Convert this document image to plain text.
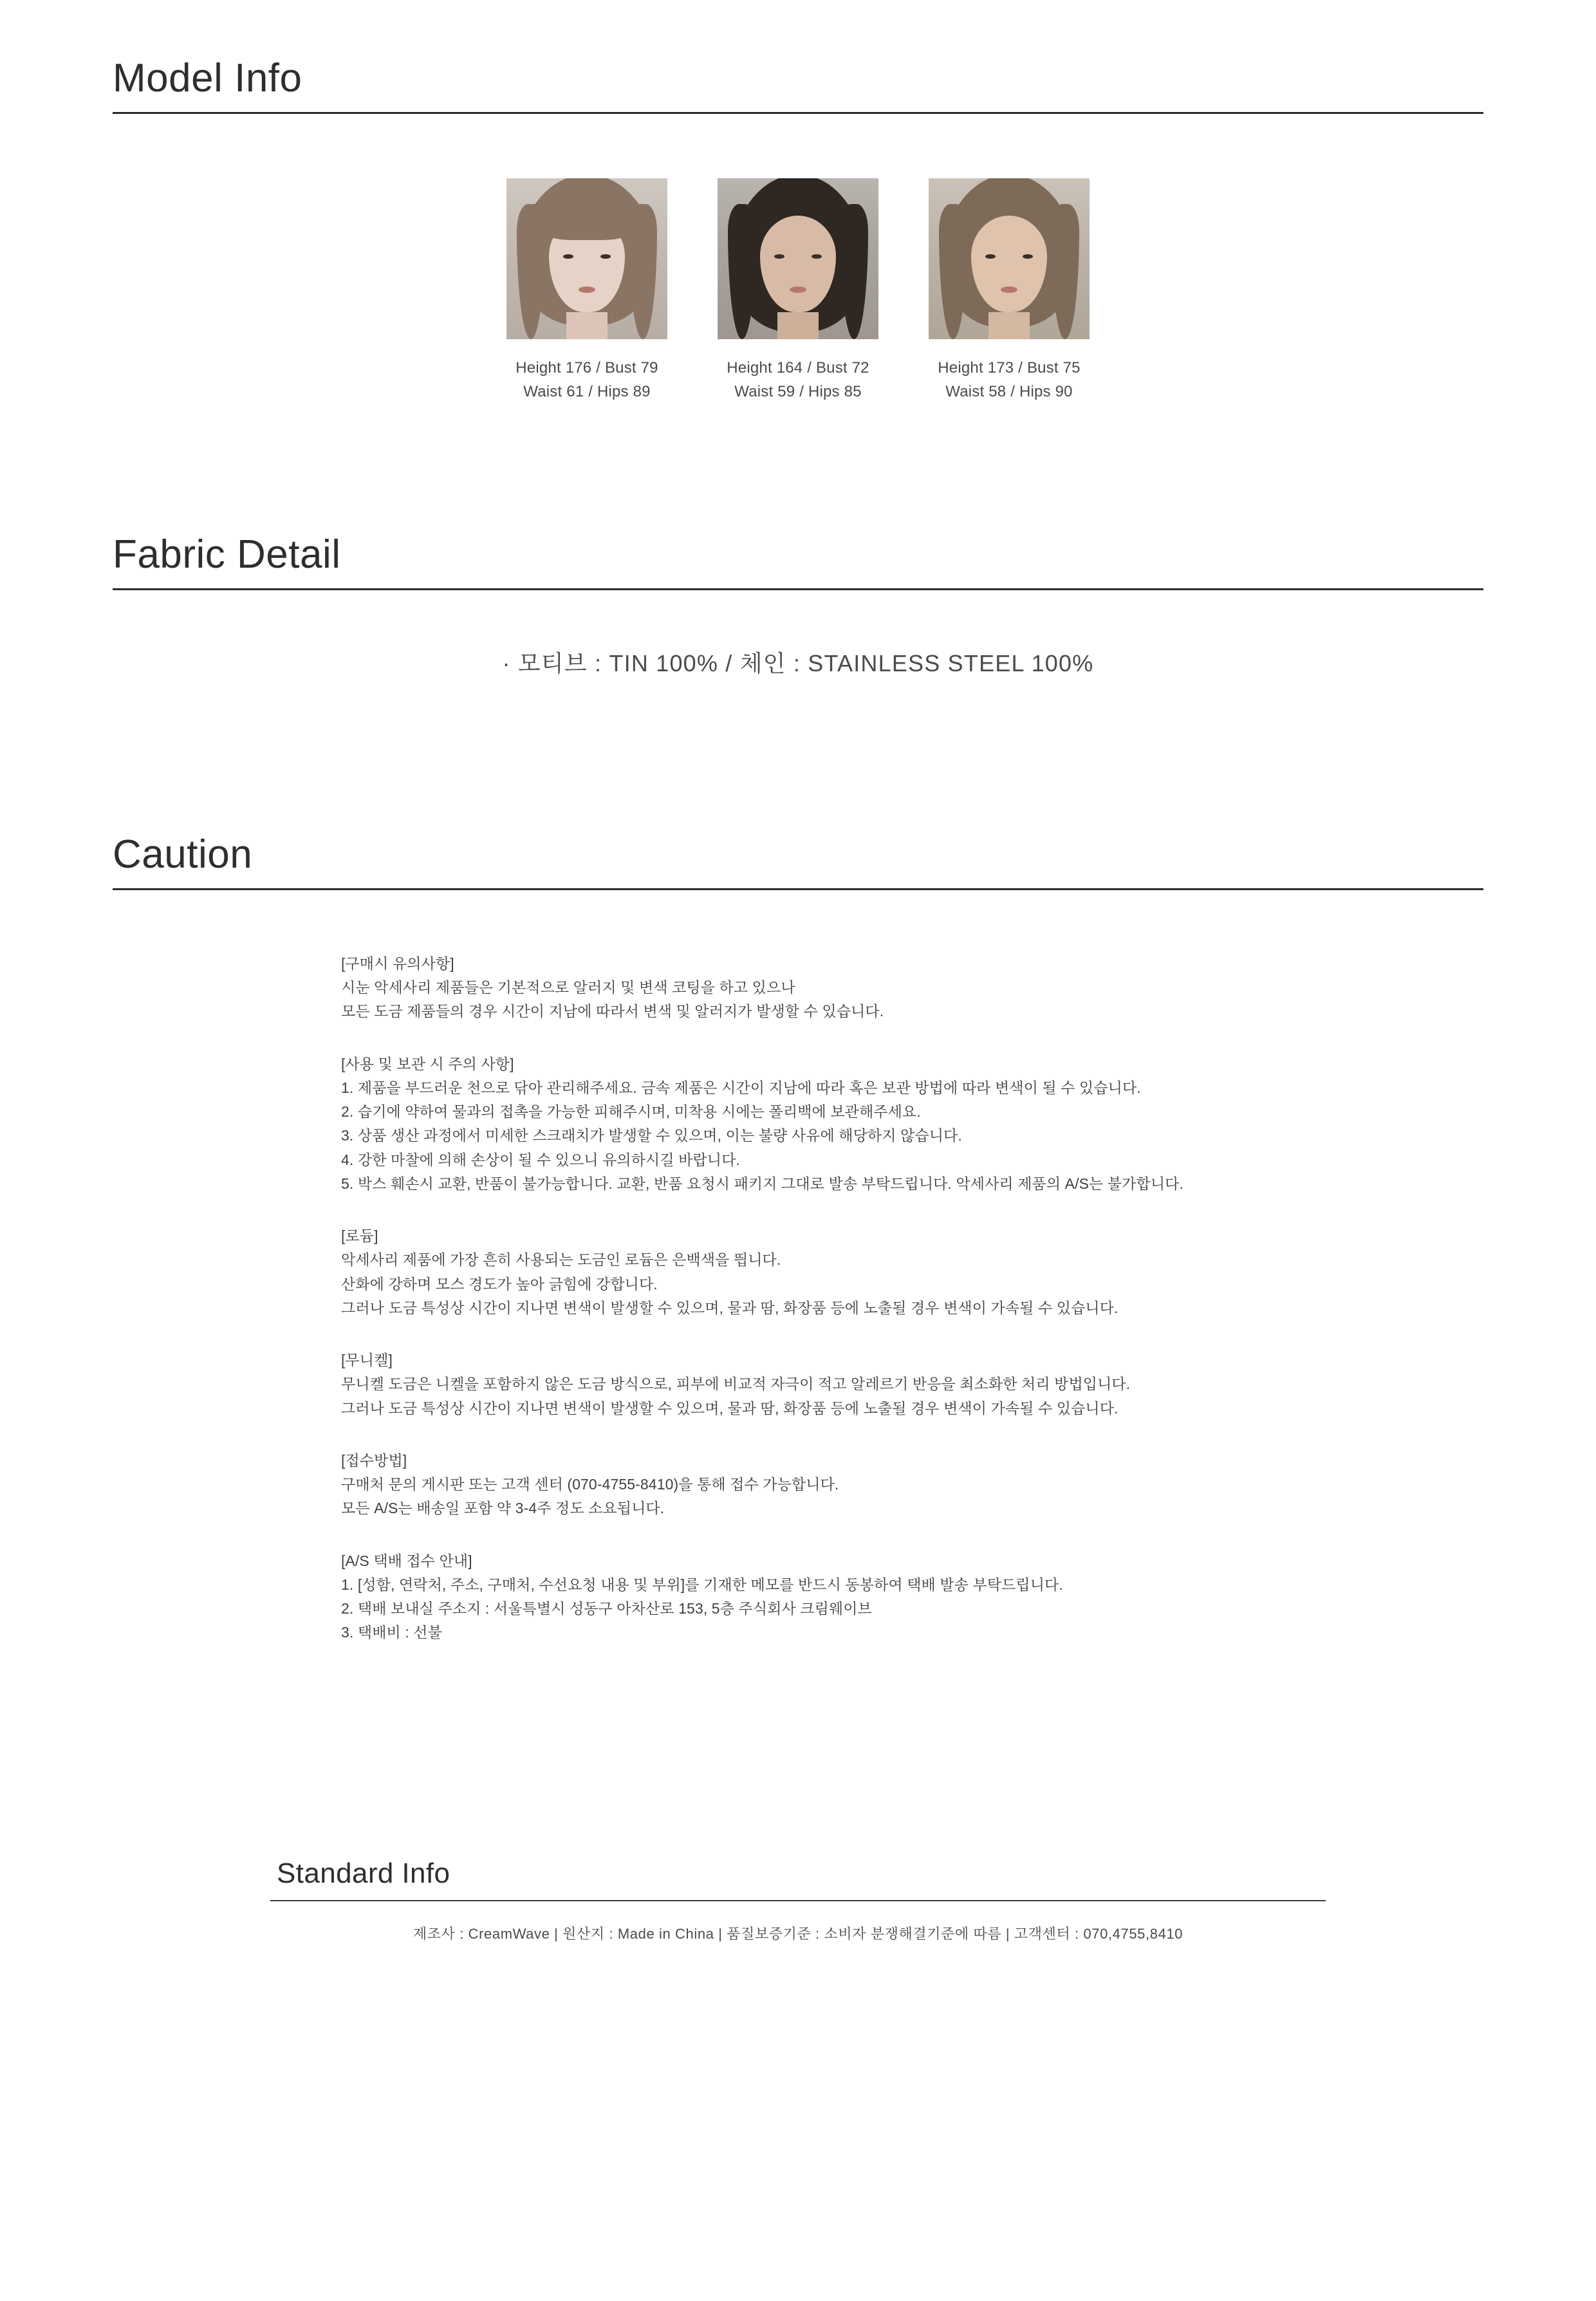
Model Info
Height 176 / Bust 79
Waist 61 / Hips 89
Height 164 / Bust 72
Waist 59 / Hips 85
Height 173 / Bust 75
Waist 58 / Hips 90
Fabric Detail
· 모티브 : TIN 100% / 체인 : STAINLESS STEEL 100%
Caution
[구매시 유의사항]
시눈 악세사리 제품들은 기본적으로 알러지 및 변색 코팅을 하고 있으나
모든 도금 제품들의 경우 시간이 지남에 따라서 변색 및 알러지가 발생할 수 있습니다.
[사용 및 보관 시 주의 사항]
1. 제품을 부드러운 천으로 닦아 관리해주세요. 금속 제품은 시간이 지남에 따라 혹은 보관 방법에 따라 변색이 될 수 있습니다.
2. 습기에 약하여 물과의 접촉을 가능한 피해주시며, 미착용 시에는 폴리백에 보관해주세요.
3. 상품 생산 과정에서 미세한 스크래치가 발생할 수 있으며, 이는 불량 사유에 해당하지 않습니다.
4. 강한 마찰에 의해 손상이 될 수 있으니 유의하시길 바랍니다.
5. 박스 훼손시 교환, 반품이 불가능합니다. 교환, 반품 요청시 패키지 그대로 발송 부탁드립니다. 악세사리 제품의 A/S는 불가합니다.
[로듐]
악세사리 제품에 가장 흔히 사용되는 도금인 로듐은 은백색을 띕니다.
산화에 강하며 모스 경도가 높아 긁힘에 강합니다.
그러나 도금 특성상 시간이 지나면 변색이 발생할 수 있으며, 물과 땀, 화장품 등에 노출될 경우 변색이 가속될 수 있습니다.
[무니켈]
무니켈 도금은 니켈을 포함하지 않은 도금 방식으로, 피부에 비교적 자극이 적고 알레르기 반응을 최소화한 처리 방법입니다.
그러나 도금 특성상 시간이 지나면 변색이 발생할 수 있으며, 물과 땀, 화장품 등에 노출될 경우 변색이 가속될 수 있습니다.
[접수방법]
구매처 문의 게시판 또는 고객 센터 (070-4755-8410)을 통해 접수 가능합니다.
모든 A/S는 배송일 포함 약 3-4주 정도 소요됩니다.
[A/S 택배 접수 안내]
1. [성함, 연락처, 주소, 구매처, 수선요청 내용 및 부위]를 기재한 메모를 반드시 동봉하여 택배 발송 부탁드립니다.
2. 택배 보내실 주소지 : 서울특별시 성동구 아차산로 153, 5층 주식회사 크림웨이브
3. 택배비 : 선불
Standard Info
제조사 : CreamWave | 원산지 : Made in China | 품질보증기준 : 소비자 분쟁해결기준에 따름 | 고객센터 : 070,4755,8410
